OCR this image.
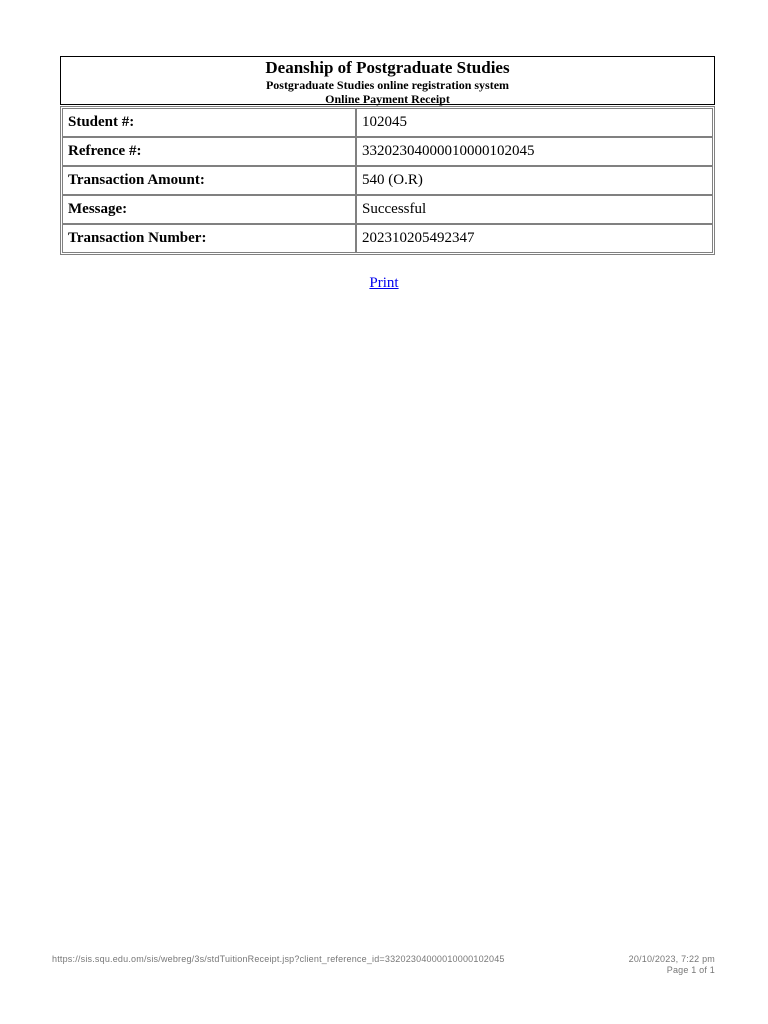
Deanship of Postgraduate Studies
Postgraduate Studies online registration system
Online Payment Receipt
Student #:	102045
Refrence #:	33202304000010000102045
Transaction Amount:	540 (O.R)
Message:	Successful
Transaction Number:	202310205492347
Print
https://sis.squ.edu.om/sis/webreg/3s/stdTuitionReceipt.jsp?client_reference_id=33202304000010000102045	20/10/2023, 7:22 pm
Page 1 of 1
